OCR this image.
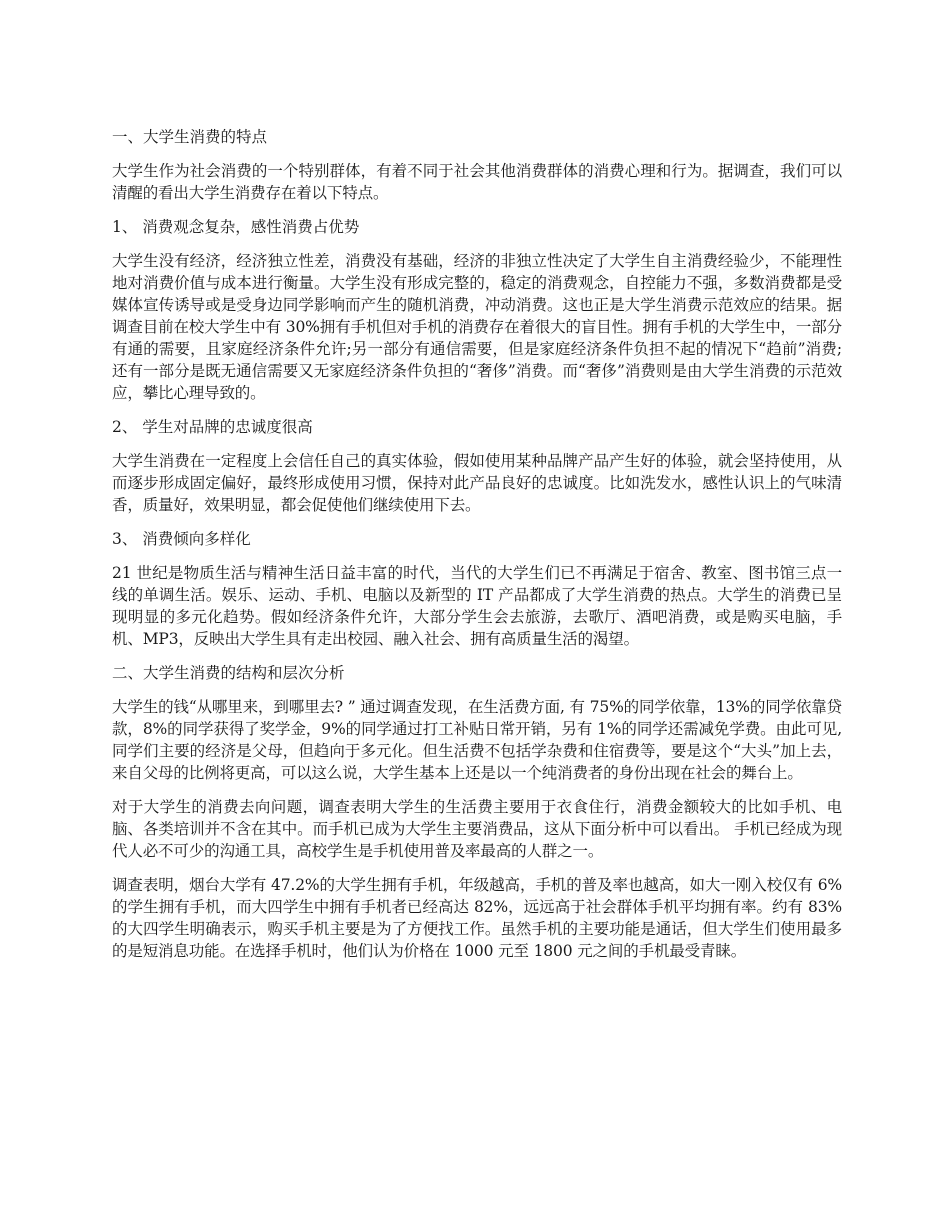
一、大学生消费的特点
大学生作为社会消费的一个特别群体，有着不同于社会其他消费群体的消费心理和行为。据调查，我们可以清醒的看出大学生消费存在着以下特点。
1、 消费观念复杂，感性消费占优势
大学生没有经济，经济独立性差，消费没有基础，经济的非独立性决定了大学生自主消费经验少，不能理性地对消费价值与成本进行衡量。大学生没有形成完整的，稳定的消费观念，自控能力不强，多数消费都是受媒体宣传诱导或是受身边同学影响而产生的随机消费，冲动消费。这也正是大学生消费示范效应的结果。据调查目前在校大学生中有 30%拥有手机但对手机的消费存在着很大的盲目性。拥有手机的大学生中，一部分有通的需要，且家庭经济条件允许;另一部分有通信需要，但是家庭经济条件负担不起的情况下“趋前”消费;还有一部分是既无通信需要又无家庭经济条件负担的“奢侈”消费。而“奢侈”消费则是由大学生消费的示范效应，攀比心理导致的。
2、 学生对品牌的忠诚度很高
大学生消费在一定程度上会信任自己的真实体验，假如使用某种品牌产品产生好的体验，就会坚持使用，从而逐步形成固定偏好，最终形成使用习惯，保持对此产品良好的忠诚度。比如洗发水，感性认识上的气味清香，质量好，效果明显，都会促使他们继续使用下去。
3、 消费倾向多样化
21 世纪是物质生活与精神生活日益丰富的时代，当代的大学生们已不再满足于宿舍、教室、图书馆三点一线的单调生活。娱乐、运动、手机、电脑以及新型的 IT 产品都成了大学生消费的热点。大学生的消费已呈现明显的多元化趋势。假如经济条件允许，大部分学生会去旅游，去歌厅、酒吧消费，或是购买电脑，手机、MP3，反映出大学生具有走出校园、融入社会、拥有高质量生活的渴望。
二、大学生消费的结构和层次分析
大学生的钱“从哪里来，到哪里去? ” 通过调查发现，在生活费方面, 有 75%的同学依靠，13%的同学依靠贷款，8%的同学获得了奖学金，9%的同学通过打工补贴日常开销，另有 1%的同学还需减免学费。由此可见, 同学们主要的经济是父母，但趋向于多元化。但生活费不包括学杂费和住宿费等，要是这个“大头”加上去，来自父母的比例将更高，可以这么说，大学生基本上还是以一个纯消费者的身份出现在社会的舞台上。
对于大学生的消费去向问题，调查表明大学生的生活费主要用于衣食住行，消费金额较大的比如手机、电脑、各类培训并不含在其中。而手机已成为大学生主要消费品，这从下面分析中可以看出。 手机已经成为现代人必不可少的沟通工具，高校学生是手机使用普及率最高的人群之一。
调查表明，烟台大学有 47.2%的大学生拥有手机，年级越高，手机的普及率也越高，如大一刚入校仅有 6%的学生拥有手机，而大四学生中拥有手机者已经高达 82%，远远高于社会群体手机平均拥有率。约有 83%的大四学生明确表示，购买手机主要是为了方便找工作。虽然手机的主要功能是通话，但大学生们使用最多的是短消息功能。在选择手机时，他们认为价格在 1000 元至 1800 元之间的手机最受青睐。
